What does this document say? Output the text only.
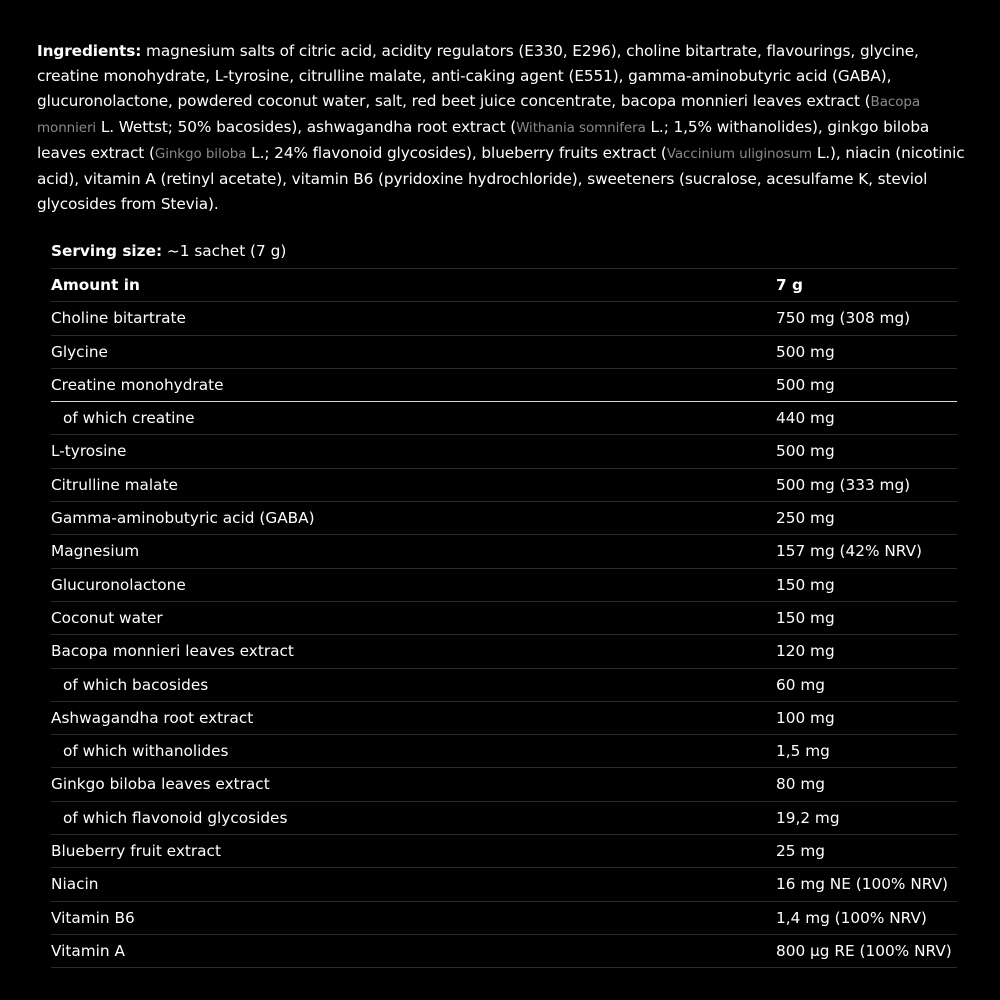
Ingredients: magnesium salts of citric acid, acidity regulators (E330, E296), choline bitartrate, flavourings, glycine, creatine monohydrate, L-tyrosine, citrulline malate, anti-caking agent (E551), gamma-aminobutyric acid (GABA), glucuronolactone, powdered coconut water, salt, red beet juice concentrate, bacopa monnieri leaves extract (Bacopa monnieri L. Wettst; 50% bacosides), ashwagandha root extract (Withania somnifera L.; 1,5% withanolides), ginkgo biloba leaves extract (Ginkgo biloba L.; 24% flavonoid glycosides), blueberry fruits extract (Vaccinium uliginosum L.), niacin (nicotinic acid), vitamin A (retinyl acetate), vitamin B6 (pyridoxine hydrochloride), sweeteners (sucralose, acesulfame K, steviol glycosides from Stevia).

Serving size: ~1 sachet (7 g)
Amount in	7 g
Choline bitartrate	750 mg (308 mg)
Glycine	500 mg
Creatine monohydrate	500 mg
of which creatine	440 mg
L-tyrosine	500 mg
Citrulline malate	500 mg (333 mg)
Gamma-aminobutyric acid (GABA)	250 mg
Magnesium	157 mg (42% NRV)
Glucuronolactone	150 mg
Coconut water	150 mg
Bacopa monnieri leaves extract	120 mg
of which bacosides	60 mg
Ashwagandha root extract	100 mg
of which withanolides	1,5 mg
Ginkgo biloba leaves extract	80 mg
of which flavonoid glycosides	19,2 mg
Blueberry fruit extract	25 mg
Niacin	16 mg NE (100% NRV)
Vitamin B6	1,4 mg (100% NRV)
Vitamin A	800 µg RE (100% NRV)
